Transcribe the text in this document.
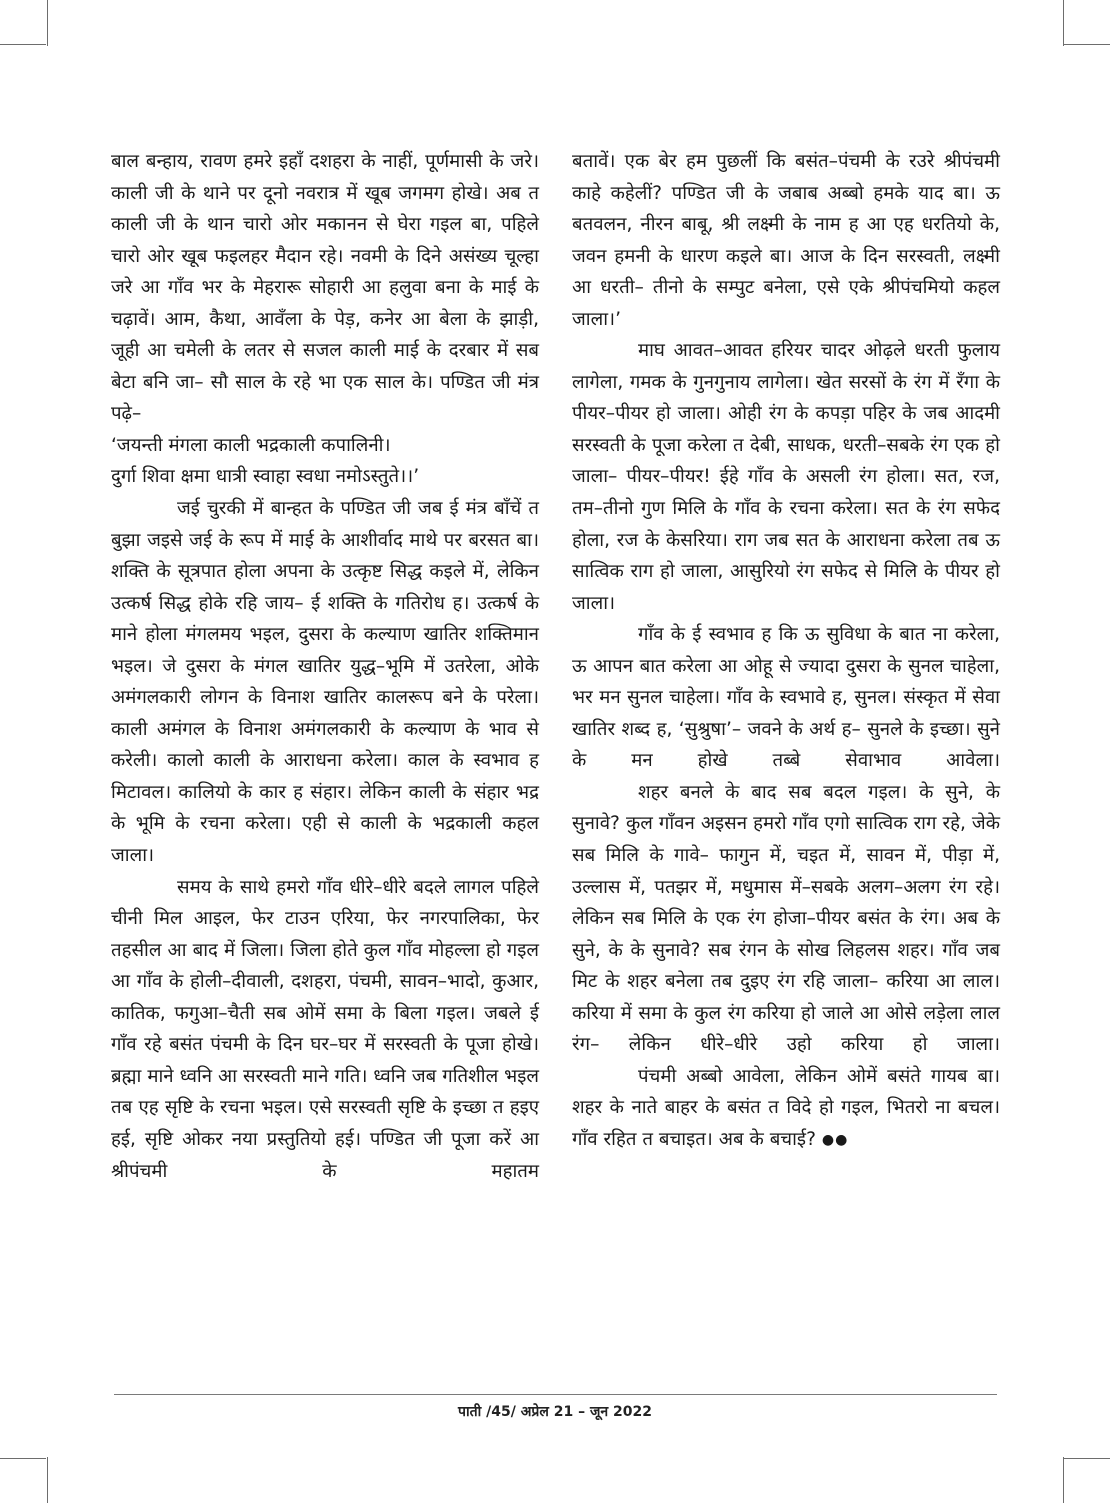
बाल बन्हाय, रावण हमरे इहाँ दशहरा के नाहीं, पूर्णमासी के जरे। काली जी के थाने पर दूनो नवरात्र में खूब जगमग होखे। अब त काली जी के थान चारो ओर मकानन से घेरा गइल बा, पहिले चारो ओर खूब फइलहर मैदान रहे। नवमी के दिने असंख्य चूल्हा जरे आ गाँव भर के मेहरारू सोहारी आ हलुवा बना के माई के चढ़ावें। आम, कैथा, आवँला के पेड़, कनेर आ बेला के झाड़ी, जूही आ चमेली के लतर से सजल काली माई के दरबार में सब बेटा बनि जा– सौ साल के रहे भा एक साल के। पण्डित जी मंत्र पढ़े–

‘जयन्ती मंगला काली भद्रकाली कपालिनी।

दुर्गा शिवा क्षमा धात्री स्वाहा स्वधा नमोऽस्तुते।।’

जई चुरकी में बान्हत के पण्डित जी जब ई मंत्र बाँचें त बुझा जइसे जई के रूप में माई के आशीर्वाद माथे पर बरसत बा। शक्ति के सूत्रपात होला अपना के उत्कृष्ट सिद्ध कइले में, लेकिन उत्कर्ष सिद्ध होके रहि जाय– ई शक्ति के गतिरोध ह। उत्कर्ष के माने होला मंगलमय भइल, दुसरा के कल्याण खातिर शक्तिमान भइल। जे दुसरा के मंगल खातिर युद्ध–भूमि में उतरेला, ओके अमंगलकारी लोगन के विनाश खातिर कालरूप बने के परेला। काली अमंगल के विनाश अमंगलकारी के कल्याण के भाव से करेली। कालो काली के आराधना करेला। काल के स्वभाव ह मिटावल। कालियो के कार ह संहार। लेकिन काली के संहार भद्र के भूमि के रचना करेला। एही से काली के भद्रकाली कहल जाला।

समय के साथे हमरो गाँव धीरे–धीरे बदले लागल पहिले चीनी मिल आइल, फेर टाउन एरिया, फेर नगरपालिका, फेर तहसील आ बाद में जिला। जिला होते कुल गाँव मोहल्ला हो गइल आ गाँव के होली–दीवाली, दशहरा, पंचमी, सावन–भादो, कुआर, कातिक, फगुआ–चैती सब ओमें समा के बिला गइल। जबले ई गाँव रहे बसंत पंचमी के दिन घर–घर में सरस्वती के पूजा होखे। ब्रह्मा माने ध्वनि आ सरस्वती माने गति। ध्वनि जब गतिशील भइल तब एह सृष्टि के रचना भइल। एसे सरस्वती सृष्टि के इच्छा त हइए हई, सृष्टि ओकर नया प्रस्तुतियो हई। पण्डित जी पूजा करें आ श्रीपंचमी के महातम

बतावें। एक बेर हम पुछलीं कि बसंत–पंचमी के रउरे श्रीपंचमी काहे कहेलीं? पण्डित जी के जबाब अब्बो हमके याद बा। ऊ बतवलन, नीरन बाबू, श्री लक्ष्मी के नाम ह आ एह धरतियो के, जवन हमनी के धारण कइले बा। आज के दिन सरस्वती, लक्ष्मी आ धरती– तीनो के सम्पुट बनेला, एसे एके श्रीपंचमियो कहल जाला।’

माघ आवत–आवत हरियर चादर ओढ़ले धरती फुलाय लागेला, गमक के गुनगुनाय लागेला। खेत सरसों के रंग में रँगा के पीयर–पीयर हो जाला। ओही रंग के कपड़ा पहिर के जब आदमी सरस्वती के पूजा करेला त देबी, साधक, धरती–सबके रंग एक हो जाला– पीयर–पीयर! ईहे गाँव के असली रंग होला। सत, रज, तम–तीनो गुण मिलि के गाँव के रचना करेला। सत के रंग सफेद होला, रज के केसरिया। राग जब सत के आराधना करेला तब ऊ सात्विक राग हो जाला, आसुरियो रंग सफेद से मिलि के पीयर हो जाला।

गाँव के ई स्वभाव ह कि ऊ सुविधा के बात ना करेला, ऊ आपन बात करेला आ ओहू से ज्यादा दुसरा के सुनल चाहेला, भर मन सुनल चाहेला। गाँव के स्वभावे ह, सुनल। संस्कृत में सेवा खातिर शब्द ह, ‘सुश्रुषा’– जवने के अर्थ ह– सुनले के इच्छा। सुने के मन होखे तब्बे सेवाभाव आवेला।

शहर बनले के बाद सब बदल गइल। के सुने, के सुनावे? कुल गाँवन अइसन हमरो गाँव एगो सात्विक राग रहे, जेके सब मिलि के गावे– फागुन में, चइत में, सावन में, पीड़ा में, उल्लास में, पतझर में, मधुमास में–सबके अलग–अलग रंग रहे। लेकिन सब मिलि के एक रंग होजा–पीयर बसंत के रंग। अब के सुने, के के सुनावे? सब रंगन के सोख लिहलस शहर। गाँव जब मिट के शहर बनेला तब दुइए रंग रहि जाला– करिया आ लाल। करिया में समा के कुल रंग करिया हो जाले आ ओसे लड़ेला लाल रंग– लेकिन धीरे–धीरे उहो करिया हो जाला।

पंचमी अब्बो आवेला, लेकिन ओमें बसंते गायब बा। शहर के नाते बाहर के बसंत त विदे हो गइल, भितरो ना बचल। गाँव रहित त बचाइत। अब के बचाई? ●●

पाती /45/ अप्रेल 21 – जून 2022
